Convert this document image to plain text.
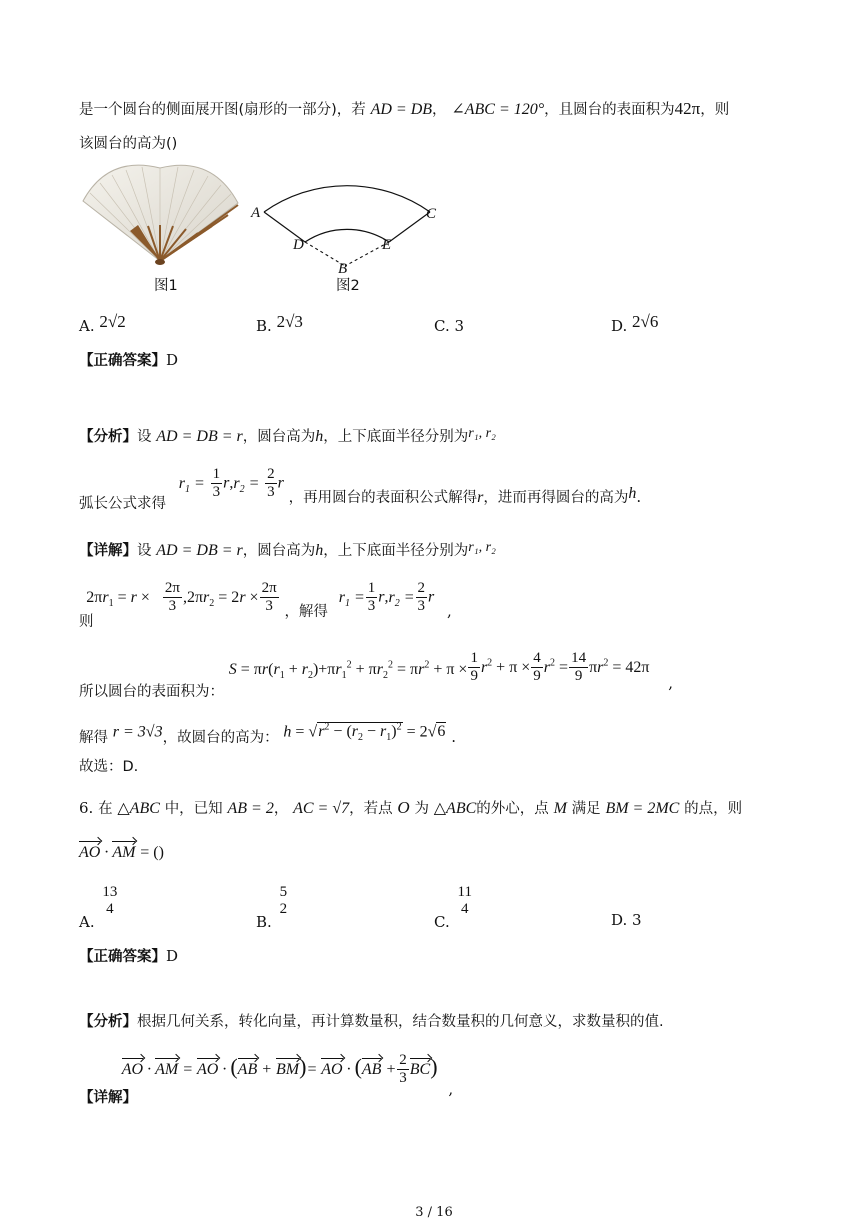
是一个圆台的侧面展开图(扇形的一部分)，若 AD = DB， ∠ABC = 120°，且圆台的表面积为42π，则
该圆台的高为()
图1
A	C
D	E
B
图2
A. 2√2	B. 2√3	C. 3	D. 2√6
【正确答案】D
【分析】设 AD = DB = r，圆台高为h，上下底面半径分别为r₁, r₂
弧长公式求得 $r_1 = \frac{1}{3} r,r_2 = \frac{2}{3}$ r ，再用圆台的表面积公式解得r，进而再得圆台的高为h.
【详解】设 AD = DB = r，圆台高为h，上下底面半径分别为r₁, r₂
则 $2\pi r_1 = r \times \frac{2\pi}{3} ,2\pi r_2 = 2r \times \frac{2\pi}{3}$ ，解得 $r_1 = \frac{1}{3} r,r_2 = \frac{2}{3}$ r ,
所以圆台的表面积为： $S = \pi r(r_1 + r_2)+\pi r_1^2 + \pi r_2^2 = \pi r^2 + \pi \times \frac{1}{9} r^2 + \pi \times \frac{4}{9} r^2 = \frac{14}{9} \pi r^2 = 42\pi$ ,
解得 r = 3√3，故圆台的高为： $h = √r^2 - (r_2 - r_1)^2 = 2√6$ .
故选：D.
6. 在 △ABC 中，已知 AB = 2， AC = √7，若点 O 为 △ABC的外心，点 M 满足 BM = 2MC 的点，则
AO · AM = ()
A.
13
4
B.
5
2
C.
11
4
D. 3
【正确答案】D
【分析】根据几何关系，转化向量，再计算数量积，结合数量积的几何意义，求数量积的值.
【详解】 AO · AM = AO · (AB + BM)= AO · $(AB + \frac{2}{3} BC)$ ,
3 / 16
